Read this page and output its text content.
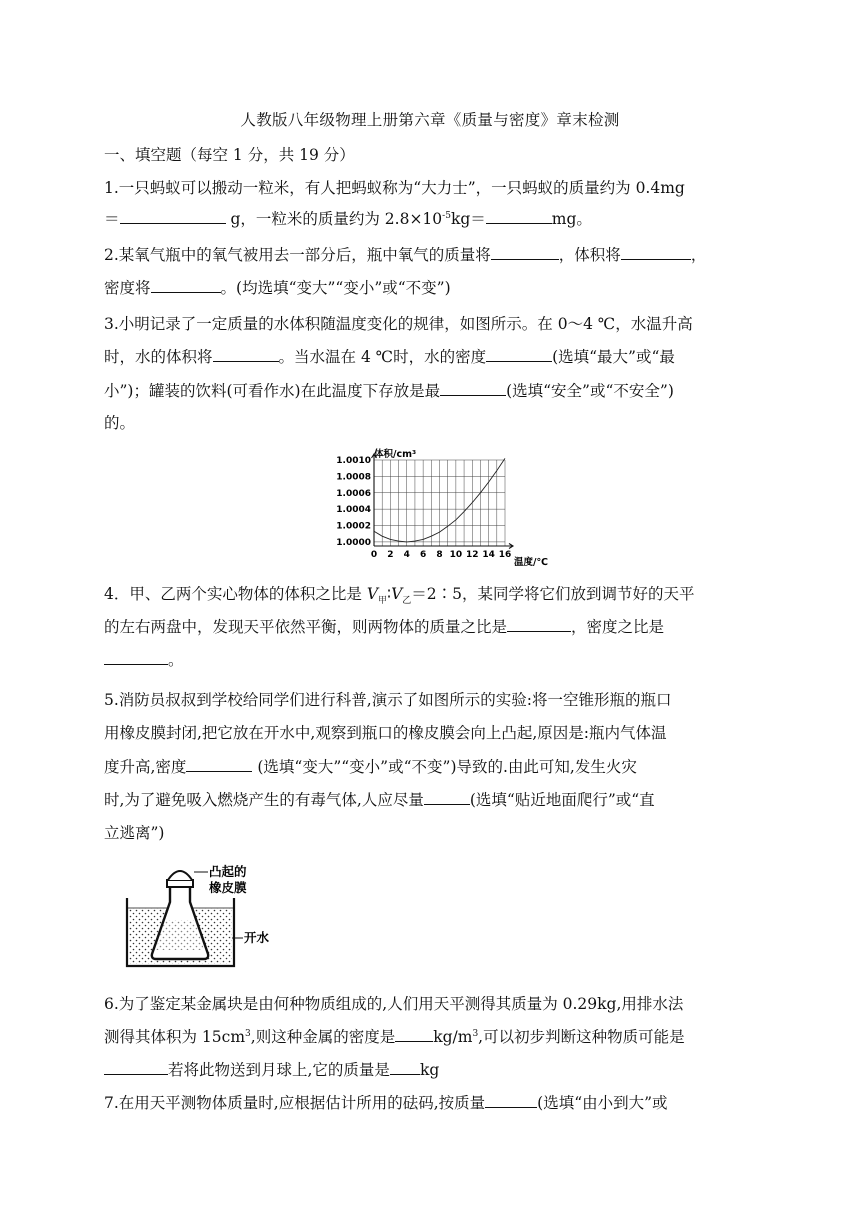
人教版八年级物理上册第六章《质量与密度》章末检测
一、填空题（每空 1 分，共 19 分）
1.一只蚂蚁可以搬动一粒米，有人把蚂蚁称为“大力士”，一只蚂蚁的质量约为 0.4mg
＝	g，一粒米的质量约为 $2.8\times 10^{-5}kg=$	mg。
2.某氧气瓶中的氧气被用去一部分后，瓶中氧气的质量将	，体积将	，
密度将	。(均选填“变大”“变小”或“不变”)
3.小明记录了一定质量的水体积随温度变化的规律，如图所示。在 0～4 ℃，水温升高
时，水的体积将	。当水温在 4 ℃时，水的密度	(选填“最大”或“最
小”)；罐装的饮料(可看作水)在此温度下存放是最	(选填“安全”或“不安全”)
的。
1.0000
1.0002
1.0004
1.0006
1.0008
1.0010
0 2 4 6 8 10 12 14 16
体积/cm³
温度/℃
4．甲、乙两个实心物体的体积之比是 $V_甲∶V_乙=2∶5$，某同学将它们放到调节好的天平
的左右两盘中，发现天平依然平衡，则两物体的质量之比是	，密度之比是
。
5.消防员叔叔到学校给同学们进行科普,演示了如图所示的实验:将一空锥形瓶的瓶口
用橡皮膜封闭,把它放在开水中,观察到瓶口的橡皮膜会向上凸起,原因是:瓶内气体温
度升高,密度	(选填“变大”“变小”或“不变”)导致的.由此可知,发生火灾
时,为了避免吸入燃烧产生的有毒气体,人应尽量	(选填“贴近地面爬行”或“直
立逃离”)
凸起的
橡皮膜
开水
6.为了鉴定某金属块是由何种物质组成的,人们用天平测得其质量为 0.29kg,用排水法
测得其体积为 $15cm^3$,则这种金属的密度是 $kg/m^3$,可以初步判断这种物质可能是
若将此物送到月球上,它的质量是 kg
7.在用天平测物体质量时,应根据估计所用的砝码,按质量	(选填“由小到大”或
